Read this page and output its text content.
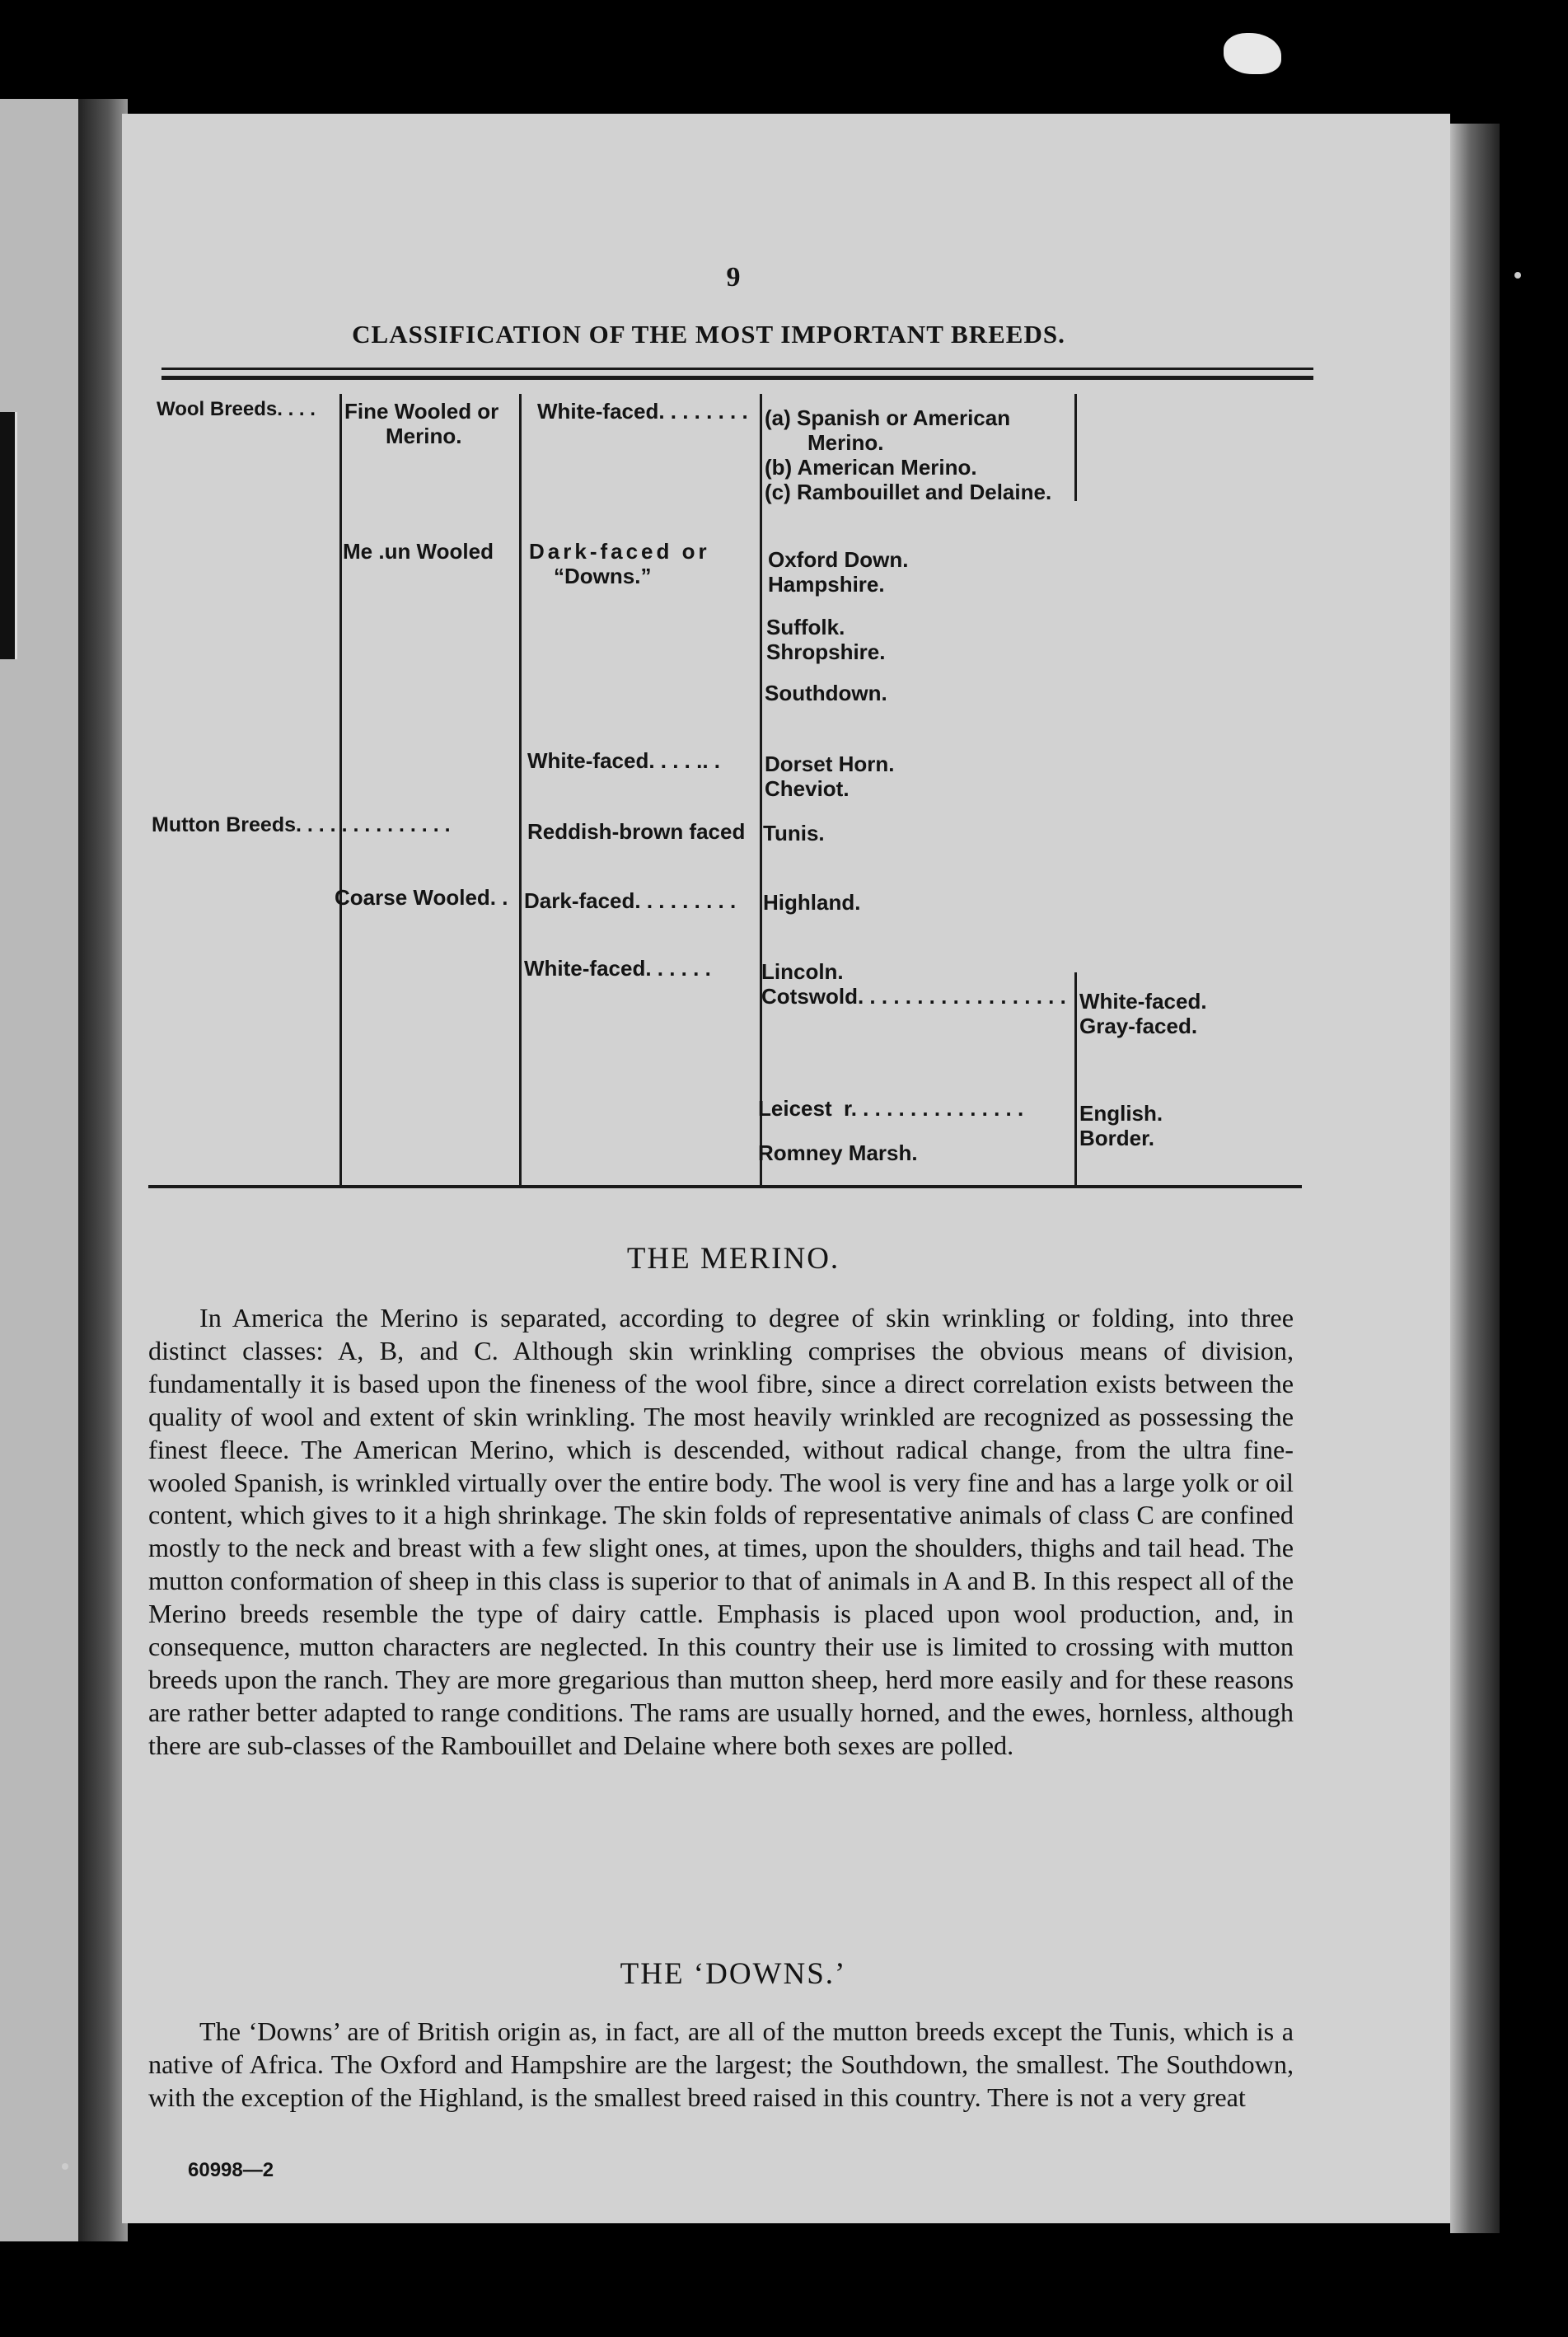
9
CLASSIFICATION OF THE MOST IMPORTANT BREEDS.
Wool Breeds. . . .
Mutton Breeds. . . . . . . . . . . . . .
Fine Wooled or
Merino.
Me .un Wooled
Coarse Wooled. .
White-faced. . . . . . . .
Dark-faced or
“Downs.”
White-faced. . . . .. .
Reddish-brown faced
Dark-faced. . . . . . . . .
White-faced. . . . . .
(a) Spanish or American
Merino.
(b) American Merino.
(c) Rambouillet and Delaine.
Oxford Down.
Hampshire.
Suffolk.
Shropshire.
Southdown.
Dorset Horn.
Cheviot.
Tunis.
Highland.
Lincoln.
Cotswold. . . . . . . . . . . . . . . . . .
Leicest  r. . . . . . . . . . . . . . .
Romney Marsh.
White-faced.
Gray-faced.
English.
Border.
THE MERINO.
In America the Merino is separated, according to degree of skin wrinkling or folding, into three distinct classes: A, B, and C. Although skin wrinkling comprises the obvious means of division, fundamentally it is based upon the fineness of the wool fibre, since a direct correlation exists between the quality of wool and extent of skin wrinkling. The most heavily wrinkled are recognized as possessing the finest fleece. The American Merino, which is descended, without radical change, from the ultra fine-wooled Spanish, is wrinkled virtually over the entire body. The wool is very fine and has a large yolk or oil content, which gives to it a high shrinkage. The skin folds of representative animals of class C are confined mostly to the neck and breast with a few slight ones, at times, upon the shoulders, thighs and tail head. The mutton conformation of sheep in this class is superior to that of animals in A and B. In this respect all of the Merino breeds resemble the type of dairy cattle. Emphasis is placed upon wool production, and, in consequence, mutton characters are neglected. In this country their use is limited to crossing with mutton breeds upon the ranch. They are more gregarious than mutton sheep, herd more easily and for these reasons are rather better adapted to range conditions. The rams are usually horned, and the ewes, hornless, although there are sub-classes of the Rambouillet and Delaine where both sexes are polled.
THE ‘DOWNS.’
The ‘Downs’ are of British origin as, in fact, are all of the mutton breeds except the Tunis, which is a native of Africa. The Oxford and Hampshire are the largest; the Southdown, the smallest. The Southdown, with the exception of the Highland, is the smallest breed raised in this country. There is not a very great
60998—2
